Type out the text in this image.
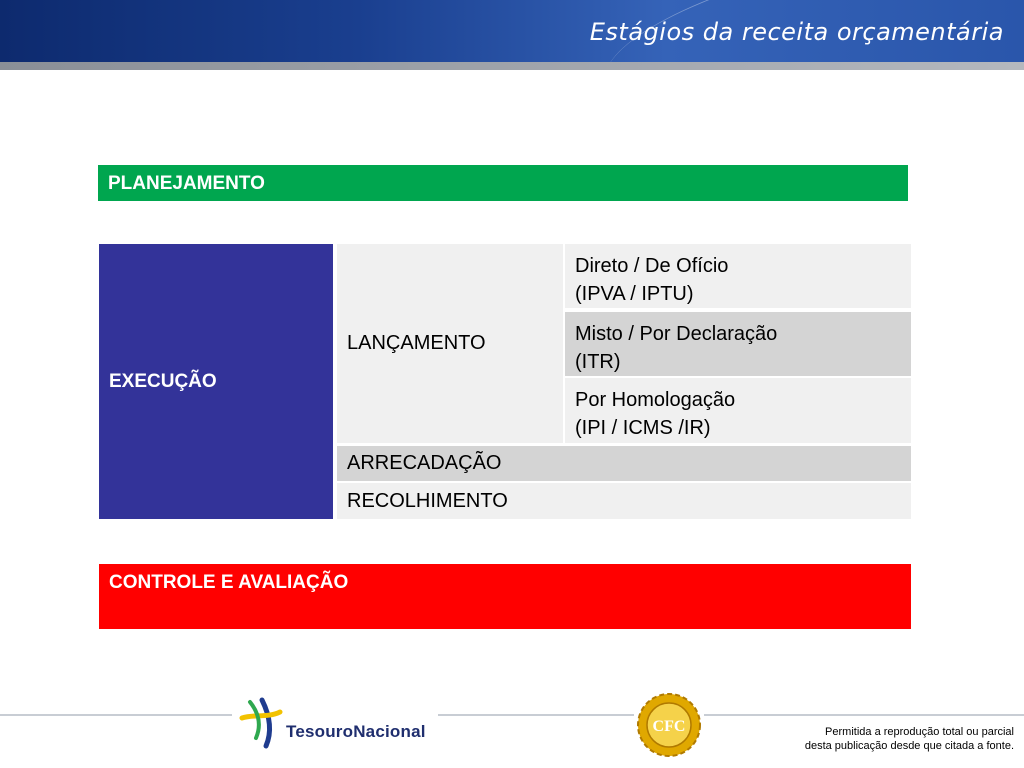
Estágios da receita orçamentária
PLANEJAMENTO
EXECUÇÃO
LANÇAMENTO
Direto / De Ofício
(IPVA / IPTU)
Misto / Por Declaração
(ITR)
Por Homologação
(IPI / ICMS /IR)
ARRECADAÇÃO
RECOLHIMENTO
CONTROLE E AVALIAÇÃO
TesouroNacional	CFC	Permitida a reprodução total ou parcial
desta publicação desde que citada a fonte.
